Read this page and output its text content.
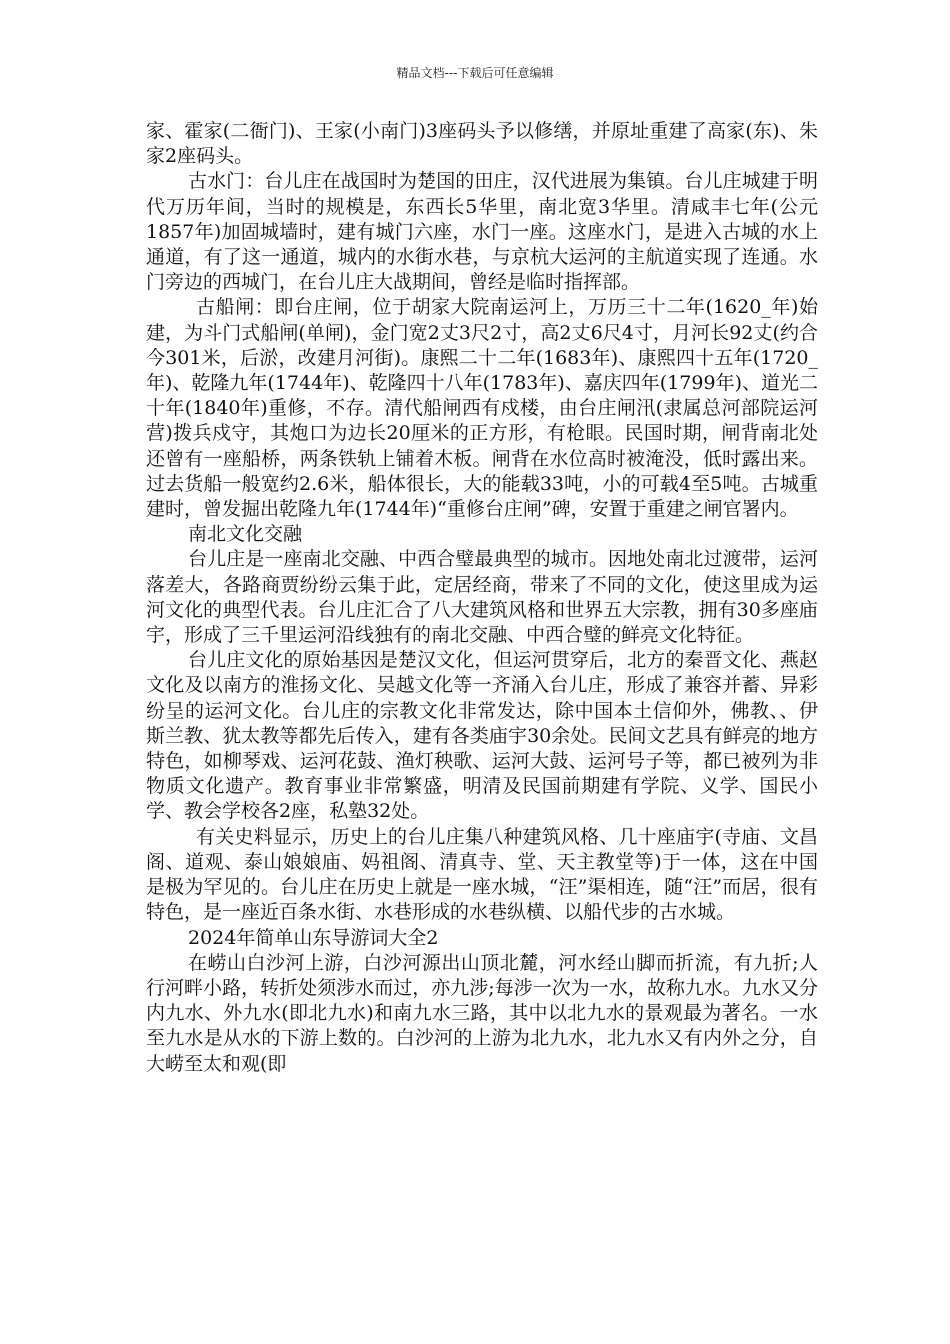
精品文档---下载后可任意编辑

家、霍家(二衙门)、王家(小南门)3座码头予以修缮，并原址重建了高家(东)、朱家2座码头。

古水门：台儿庄在战国时为楚国的田庄，汉代进展为集镇。台儿庄城建于明代万历年间，当时的规模是，东西长5华里，南北宽3华里。清咸丰七年(公元1857年)加固城墙时，建有城门六座，水门一座。这座水门，是进入古城的水上通道，有了这一通道，城内的水街水巷，与京杭大运河的主航道实现了连通。水门旁边的西城门，在台儿庄大战期间，曾经是临时指挥部。

古船闸：即台庄闸，位于胡家大院南运河上，万历三十二年(1620_年)始建，为斗门式船闸(单闸)，金门宽2丈3尺2寸，高2丈6尺4寸，月河长92丈(约合今301米，后淤，改建月河街)。康熙二十二年(1683年)、康熙四十五年(1720_年)、乾隆九年(1744年)、乾隆四十八年(1783年)、嘉庆四年(1799年)、道光二十年(1840年)重修，不存。清代船闸西有戍楼，由台庄闸汛(隶属总河部院运河营)拨兵戍守，其炮口为边长20厘米的正方形，有枪眼。民国时期，闸背南北处还曾有一座船桥，两条铁轨上铺着木板。闸背在水位高时被淹没，低时露出来。过去货船一般宽约2.6米，船体很长，大的能载33吨，小的可载4至5吨。古城重建时，曾发掘出乾隆九年(1744年)“重修台庄闸”碑，安置于重建之闸官署内。

南北文化交融

台儿庄是一座南北交融、中西合璧最典型的城市。因地处南北过渡带，运河落差大，各路商贾纷纷云集于此，定居经商，带来了不同的文化，使这里成为运河文化的典型代表。台儿庄汇合了八大建筑风格和世界五大宗教，拥有30多座庙宇，形成了三千里运河沿线独有的南北交融、中西合璧的鲜亮文化特征。

台儿庄文化的原始基因是楚汉文化，但运河贯穿后，北方的秦晋文化、燕赵文化及以南方的淮扬文化、吴越文化等一齐涌入台儿庄，形成了兼容并蓄、异彩纷呈的运河文化。台儿庄的宗教文化非常发达，除中国本土信仰外，佛教、、伊斯兰教、犹太教等都先后传入，建有各类庙宇30余处。民间文艺具有鲜亮的地方特色，如柳琴戏、运河花鼓、渔灯秧歌、运河大鼓、运河号子等，都已被列为非物质文化遗产。教育事业非常繁盛，明清及民国前期建有学院、义学、国民小学、教会学校各2座，私塾32处。

有关史料显示，历史上的台儿庄集八种建筑风格、几十座庙宇(寺庙、文昌阁、道观、泰山娘娘庙、妈祖阁、清真寺、堂、天主教堂等)于一体，这在中国是极为罕见的。台儿庄在历史上就是一座水城，“汪”渠相连，随“汪”而居，很有特色，是一座近百条水街、水巷形成的水巷纵横、以船代步的古水城。

2024年简单山东导游词大全2

在崂山白沙河上游，白沙河源出山顶北麓，河水经山脚而折流，有九折;人行河畔小路，转折处须涉水而过，亦九涉;每涉一次为一水，故称九水。九水又分内九水、外九水(即北九水)和南九水三路，其中以北九水的景观最为著名。一水至九水是从水的下游上数的。白沙河的上游为北九水，北九水又有内外之分，自大崂至太和观(即
